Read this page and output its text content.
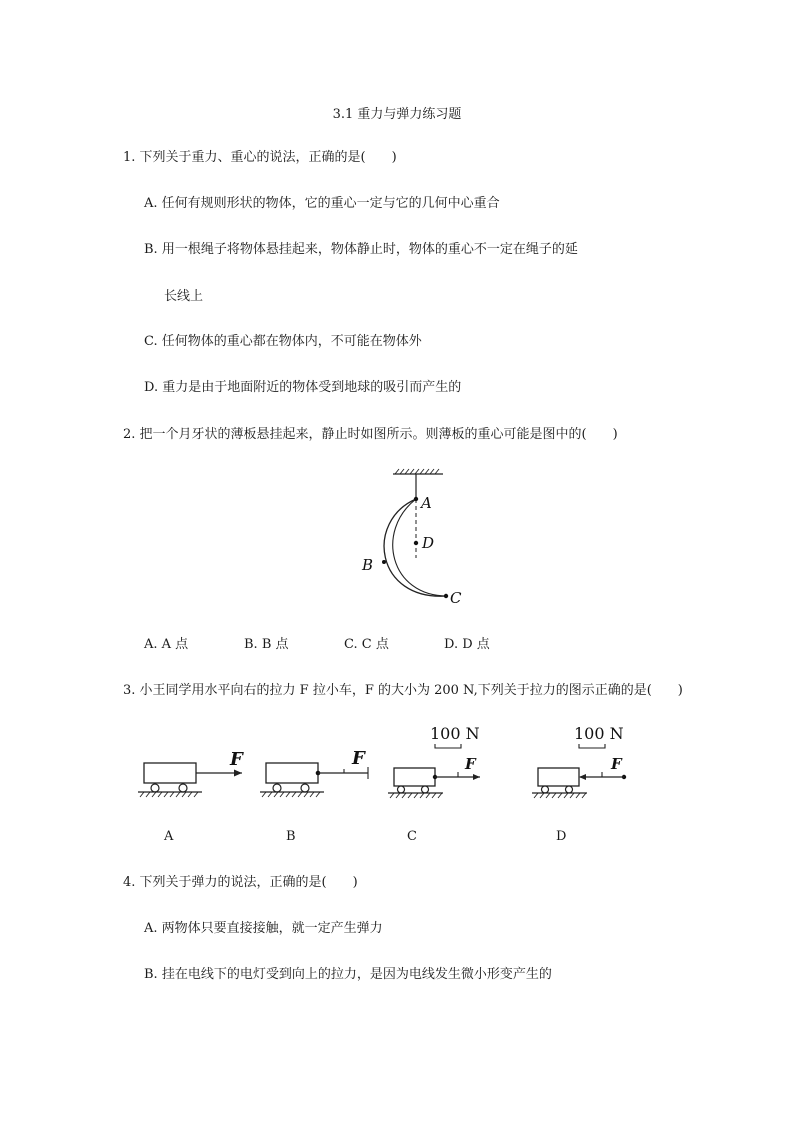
3.1 重力与弹力练习题
1. 下列关于重力、重心的说法，正确的是(　　)
A. 任何有规则形状的物体，它的重心一定与它的几何中心重合
B. 用一根绳子将物体悬挂起来，物体静止时，物体的重心不一定在绳子的延
长线上
C. 任何物体的重心都在物体内，不可能在物体外
D. 重力是由于地面附近的物体受到地球的吸引而产生的
2. 把一个月牙状的薄板悬挂起来，静止时如图所示。则薄板的重心可能是图中的(　　)
A
D
B
C
A. A 点	B. B 点	C. C 点	D. D 点
3. 小王同学用水平向右的拉力 F 拉小车，F 的大小为 200 N,下列关于拉力的图示正确的是(　　)
F	F
100 N
F
100 N
F
A	B	C	D
4. 下列关于弹力的说法，正确的是(　　)
A. 两物体只要直接接触，就一定产生弹力
B. 挂在电线下的电灯受到向上的拉力，是因为电线发生微小形变产生的
